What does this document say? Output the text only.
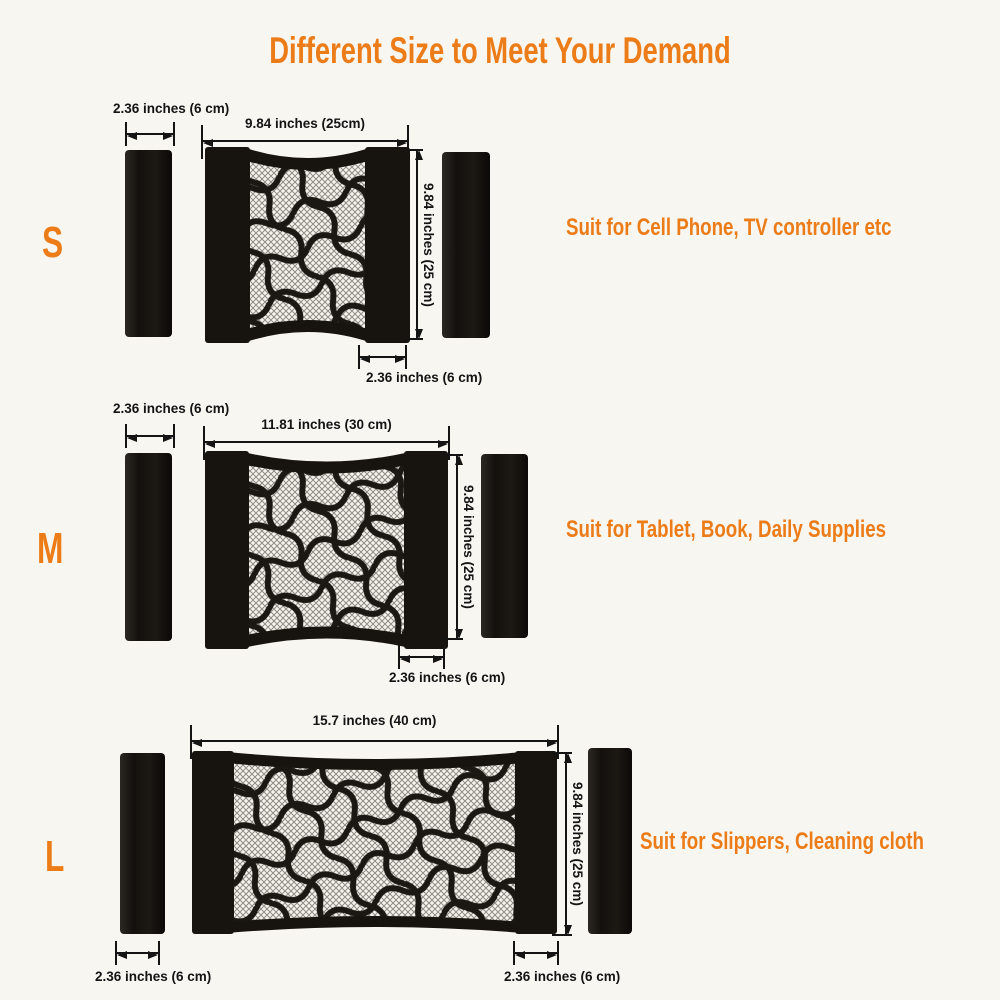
Different Size to Meet Your Demand
S
2.36 inches (6 cm)
9.84 inches (25cm)
9.84 inches (25 cm)
2.36 inches (6 cm)
Suit for Cell Phone, TV controller etc
M
2.36 inches (6 cm)
11.81 inches (30 cm)
9.84 inches (25 cm)
2.36 inches (6 cm)
Suit for Tablet, Book, Daily Supplies
L
15.7 inches (40 cm)
9.84 inches (25 cm)
2.36 inches (6 cm)	2.36 inches (6 cm)
Suit for Slippers, Cleaning cloth
